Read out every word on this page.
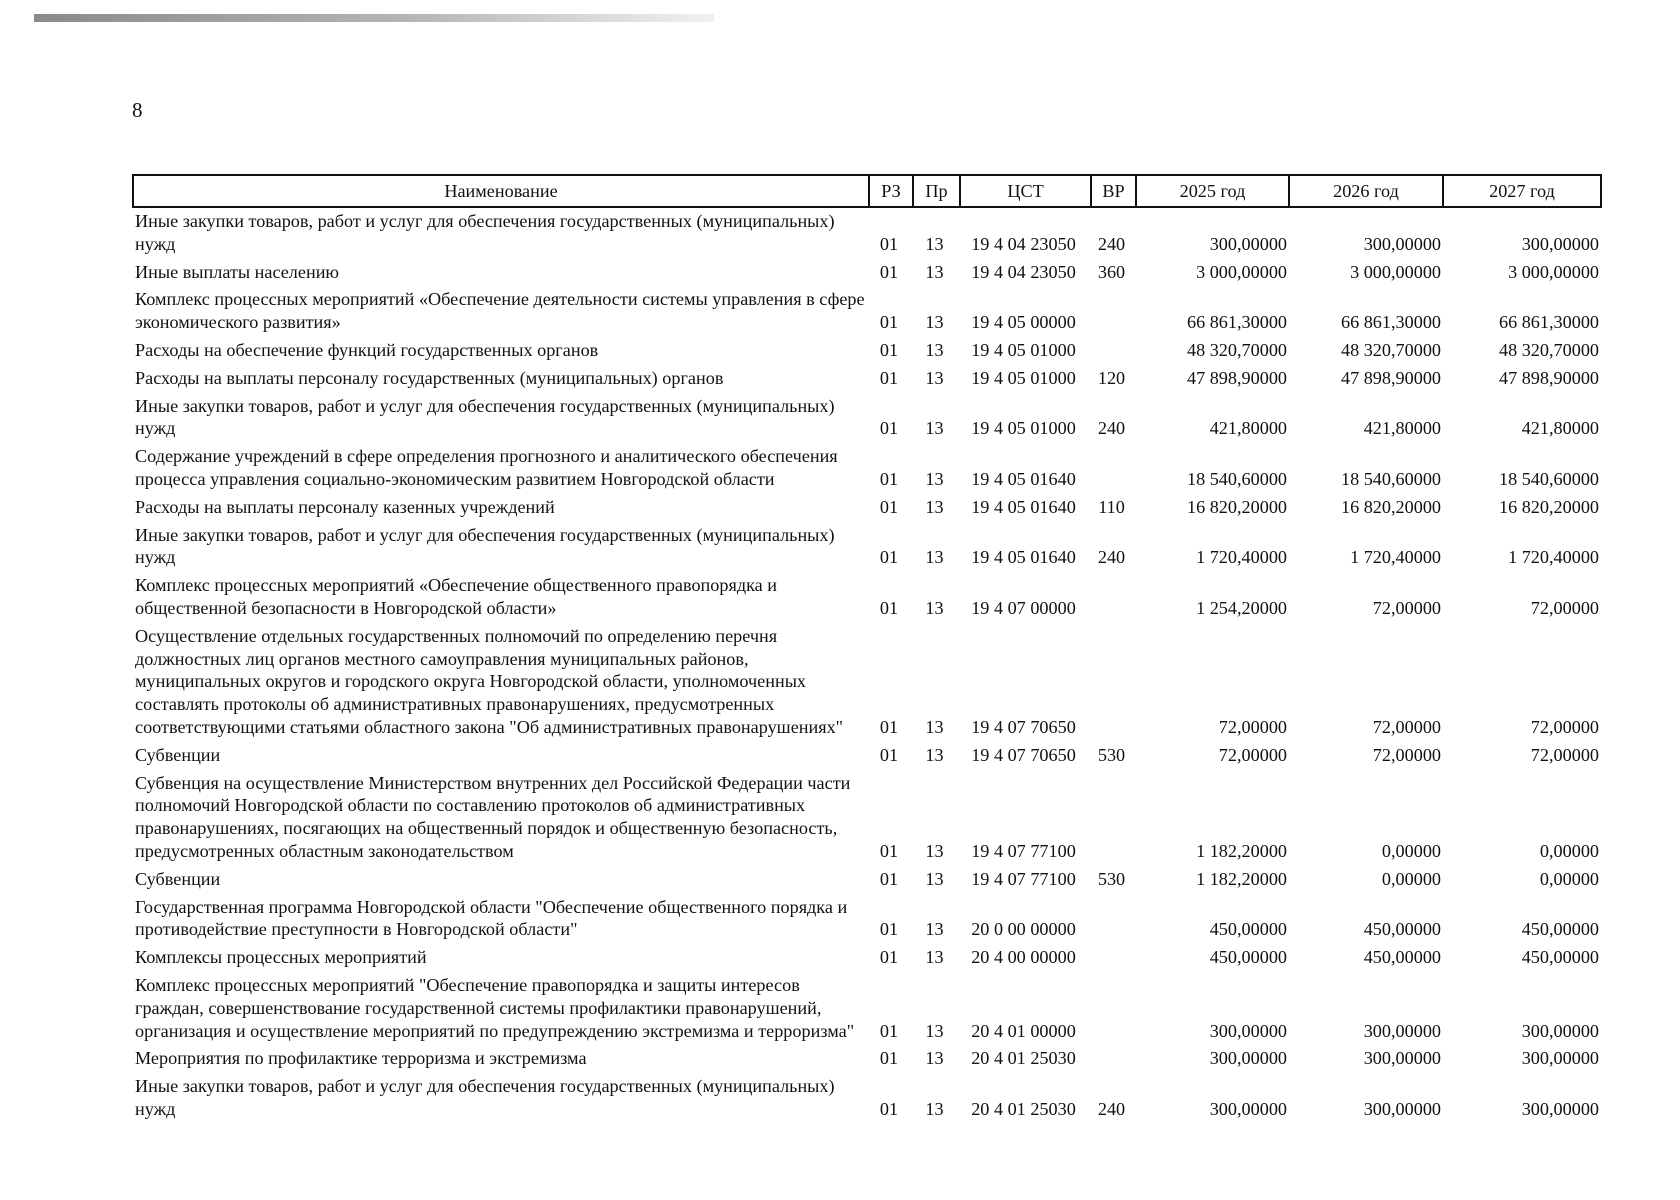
8
Наименование	РЗ	Пр	ЦСТ	ВР	2025 год	2026 год	2027 год
Иные закупки товаров, работ и услуг для обеспечения государственных (муниципальных) нужд	01	13	19 4 04 23050	240	300,00000	300,00000	300,00000
Иные выплаты населению	01	13	19 4 04 23050	360	3 000,00000	3 000,00000	3 000,00000
Комплекс процессных мероприятий «Обеспечение деятельности системы управления в сфере экономического развития»	01	13	19 4 05 00000		66 861,30000	66 861,30000	66 861,30000
Расходы на обеспечение функций государственных органов	01	13	19 4 05 01000		48 320,70000	48 320,70000	48 320,70000
Расходы на выплаты персоналу государственных (муниципальных) органов	01	13	19 4 05 01000	120	47 898,90000	47 898,90000	47 898,90000
Иные закупки товаров, работ и услуг для обеспечения государственных (муниципальных) нужд	01	13	19 4 05 01000	240	421,80000	421,80000	421,80000
Содержание учреждений в сфере определения прогнозного и аналитического обеспечения процесса управления социально-экономическим развитием Новгородской области	01	13	19 4 05 01640		18 540,60000	18 540,60000	18 540,60000
Расходы на выплаты персоналу казенных учреждений	01	13	19 4 05 01640	110	16 820,20000	16 820,20000	16 820,20000
Иные закупки товаров, работ и услуг для обеспечения государственных (муниципальных) нужд	01	13	19 4 05 01640	240	1 720,40000	1 720,40000	1 720,40000
Комплекс процессных мероприятий «Обеспечение общественного правопорядка и общественной безопасности в Новгородской области»	01	13	19 4 07 00000		1 254,20000	72,00000	72,00000
Осуществление отдельных государственных полномочий по определению перечня должностных лиц органов местного самоуправления муниципальных районов, муниципальных округов и городского округа Новгородской области, уполномоченных составлять протоколы об административных правонарушениях, предусмотренных соответствующими статьями областного закона "Об административных правонарушениях"	01	13	19 4 07 70650		72,00000	72,00000	72,00000
Субвенции	01	13	19 4 07 70650	530	72,00000	72,00000	72,00000
Субвенция на осуществление Министерством внутренних дел Российской Федерации части полномочий Новгородской области по составлению протоколов об административных правонарушениях, посягающих на общественный порядок и общественную безопасность, предусмотренных областным законодательством	01	13	19 4 07 77100		1 182,20000	0,00000	0,00000
Субвенции	01	13	19 4 07 77100	530	1 182,20000	0,00000	0,00000
Государственная программа Новгородской области "Обеспечение общественного порядка и противодействие преступности в Новгородской области"	01	13	20 0 00 00000		450,00000	450,00000	450,00000
Комплексы процессных мероприятий	01	13	20 4 00 00000		450,00000	450,00000	450,00000
Комплекс процессных мероприятий "Обеспечение правопорядка и защиты интересов граждан, совершенствование государственной системы профилактики правонарушений, организация и осуществление мероприятий по предупреждению экстремизма и терроризма"	01	13	20 4 01 00000		300,00000	300,00000	300,00000
Мероприятия по профилактике терроризма и экстремизма	01	13	20 4 01 25030		300,00000	300,00000	300,00000
Иные закупки товаров, работ и услуг для обеспечения государственных (муниципальных) нужд	01	13	20 4 01 25030	240	300,00000	300,00000	300,00000
